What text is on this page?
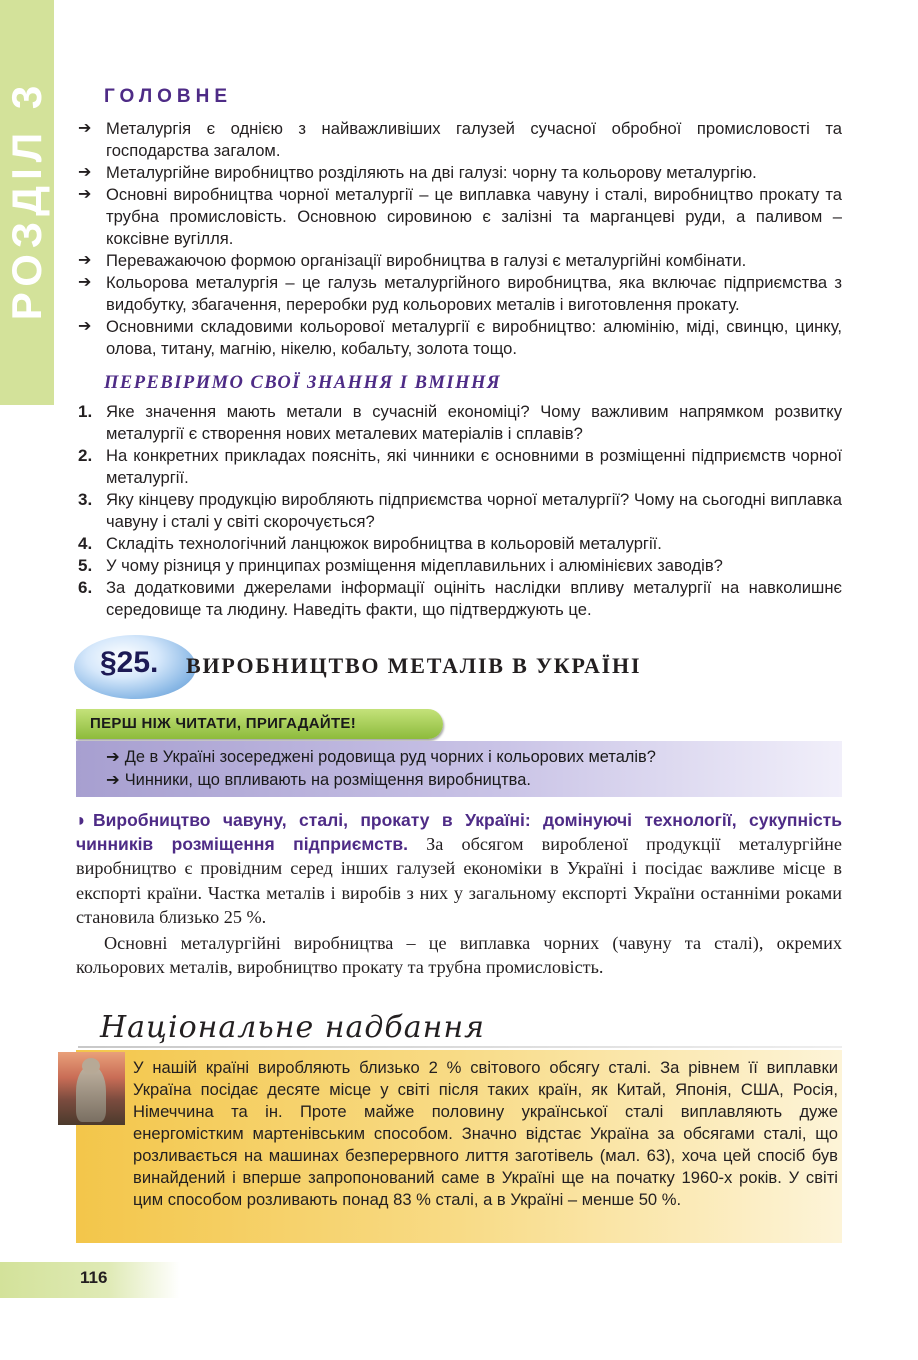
РОЗДІЛ 3	ГОЛОВНЕ
➔ Металургія є однією з найважливіших галузей сучасної обробної промисловості та господарства загалом.
➔ Металургійне виробництво розділяють на дві галузі: чорну та кольорову металургію.
➔ Основні виробництва чорної металургії – це виплавка чавуну і сталі, виробництво прокату та трубна промисловість. Основною сировиною є залізні та марганцеві руди, а паливом – коксівне вугілля.
➔ Переважаючою формою організації виробництва в галузі є металургійні комбінати.
➔ Кольорова металургія – це галузь металургійного виробництва, яка включає підприємства з видобутку, збагачення, переробки руд кольорових металів і виготовлення прокату.
➔ Основними складовими кольорової металургії є виробництво: алюмінію, міді, свинцю, цинку, олова, титану, магнію, нікелю, кобальту, золота тощо.
ПЕРЕВІРИМО СВОЇ ЗНАННЯ І ВМІННЯ
1. Яке значення мають метали в сучасній економіці? Чому важливим напрямком розвитку металургії є створення нових металевих матеріалів і сплавів?
2. На конкретних прикладах поясніть, які чинники є основними в розміщенні підприємств чорної металургії.
3. Яку кінцеву продукцію виробляють підприємства чорної металургії? Чому на сьогодні виплавка чавуну і сталі у світі скорочується?
4. Складіть технологічний ланцюжок виробництва в кольоровій металургії.
5. У чому різниця у принципах розміщення мідеплавильних і алюмінієвих заводів?
6. За додатковими джерелами інформації оцініть наслідки впливу металургії на навколишнє середовище та людину. Наведіть факти, що підтверджують це.
§25. ВИРОБНИЦТВО МЕТАЛІВ В УКРАЇНІ
ПЕРШ НІЖ ЧИТАТИ, ПРИГАДАЙТЕ!
➔ Де в Україні зосереджені родовища руд чорних і кольорових металів?
➔ Чинники, що впливають на розміщення виробництва.

◗ Виробництво чавуну, сталі, прокату в Україні: домінуючі технології, сукупність чинників розміщення підприємств. За обсягом виробленої продукції металургійне виробництво є провідним серед інших галузей економіки в Україні і посідає важливе місце в експорті країни. Частка металів і виробів з них у загальному експорті України останніми роками становила близько 25 %.

Основні металургійні виробництва – це виплавка чорних (чавуну та сталі), окремих кольорових металів, виробництво прокату та трубна промисловість.

Національне надбання
У нашій країні виробляють близько 2 % світового обсягу сталі. За рівнем її виплавки Україна посідає десяте місце у світі після таких країн, як Китай, Японія, США, Росія, Німеччина та ін. Проте майже половину української сталі виплавляють дуже енергомістким мартенівським способом. Значно відстає Україна за обсягами сталі, що розливається на машинах безперервного лиття заготівель (мал. 63), хоча цей спосіб був винайдений і вперше запропонований саме в Україні ще на початку 1960-х років. У світі цим способом розливають понад 83 % сталі, а в Україні – менше 50 %.
116
